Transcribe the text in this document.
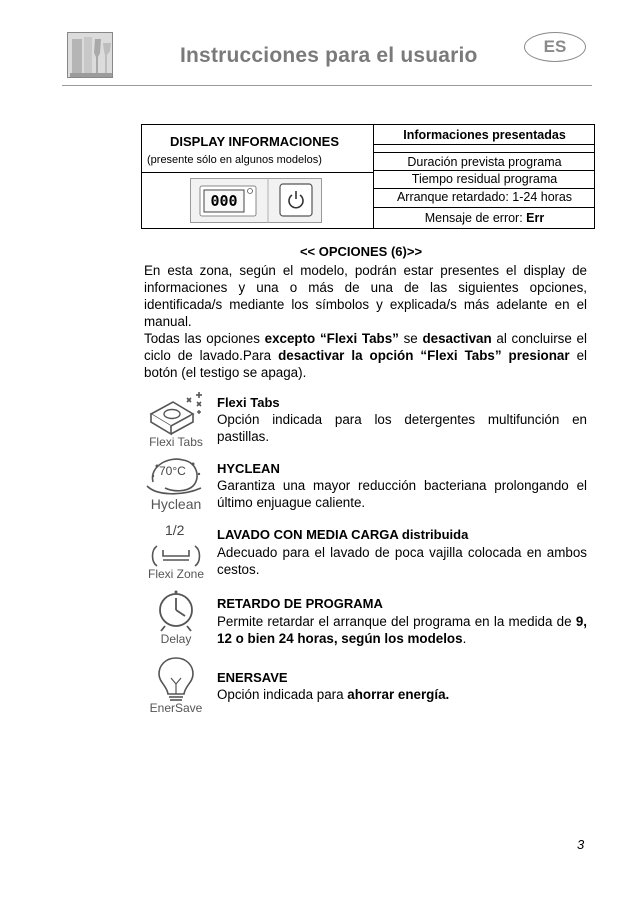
Instrucciones para el usuario	ES
DISPLAY INFORMACIONES
(presente sólo en algunos modelos)
Informaciones presentadas
Duración prevista programa
Tiempo residual programa
Arranque retardado: 1-24 horas
Mensaje de error: Err
000
<< OPCIONES (6)>>
En esta zona, según el modelo, podrán estar presentes el display de informaciones y una o más de una de las siguientes opciones, identificada/s mediante los símbolos y explicada/s más adelante en el manual.
Todas las opciones excepto “Flexi Tabs” se desactivan al concluirse el ciclo de lavado.Para desactivar la opción “Flexi Tabs” presionar el botón (el testigo se apaga).
Flexi Tabs
Flexi Tabs
Opción indicada para los detergentes multifunción en pastillas.
70°C
Hyclean
HYCLEAN
Garantiza una mayor reducción bacteriana prolongando el último enjuague caliente.
1/2
Flexi Zone
LAVADO CON MEDIA CARGA distribuida
Adecuado para el lavado de poca vajilla colocada en ambos cestos.
Delay
RETARDO DE PROGRAMA
Permite retardar el arranque del programa en la medida de 9, 12 o bien 24 horas, según los modelos.
EnerSave
ENERSAVE
Opción indicada para ahorrar energía.
3
